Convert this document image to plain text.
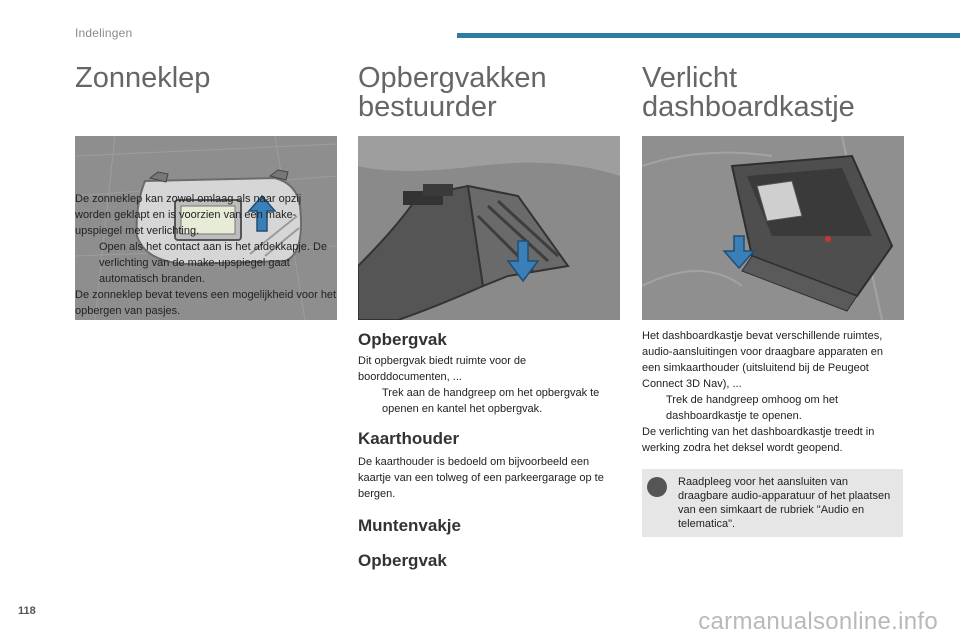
Indelingen
Zonneklep

De zonneklep kan zowel omlaag als naar opzij worden geklapt en is voorzien van een make-upspiegel met verlichting.

Open als het contact aan is het afdekkapje. De verlichting van de make-upspiegel gaat automatisch branden.

De zonneklep bevat tevens een mogelijkheid voor het opbergen van pasjes.

Opbergvakken
bestuurder
Opbergvak

Dit opbergvak biedt ruimte voor de boorddocumenten, ...

Trek aan de handgreep om het opbergvak te openen en kantel het opbergvak.
Kaarthouder

De kaarthouder is bedoeld om bijvoorbeeld een kaartje van een tolweg of een parkeergarage op te bergen.

Muntenvakje
Opbergvak
Verlicht
dashboardkastje

Het dashboardkastje bevat verschillende ruimtes, audio-aansluitingen voor draagbare apparaten en een simkaarthouder (uitsluitend bij de Peugeot Connect 3D Nav), ...

Trek de handgreep omhoog om het dashboardkastje te openen.

De verlichting van het dashboardkastje treedt in werking zodra het deksel wordt geopend.

Raadpleeg voor het aansluiten van draagbare audio-apparatuur of het plaatsen van een simkaart de rubriek "Audio en telematica".
118	carmanualsonline.info
